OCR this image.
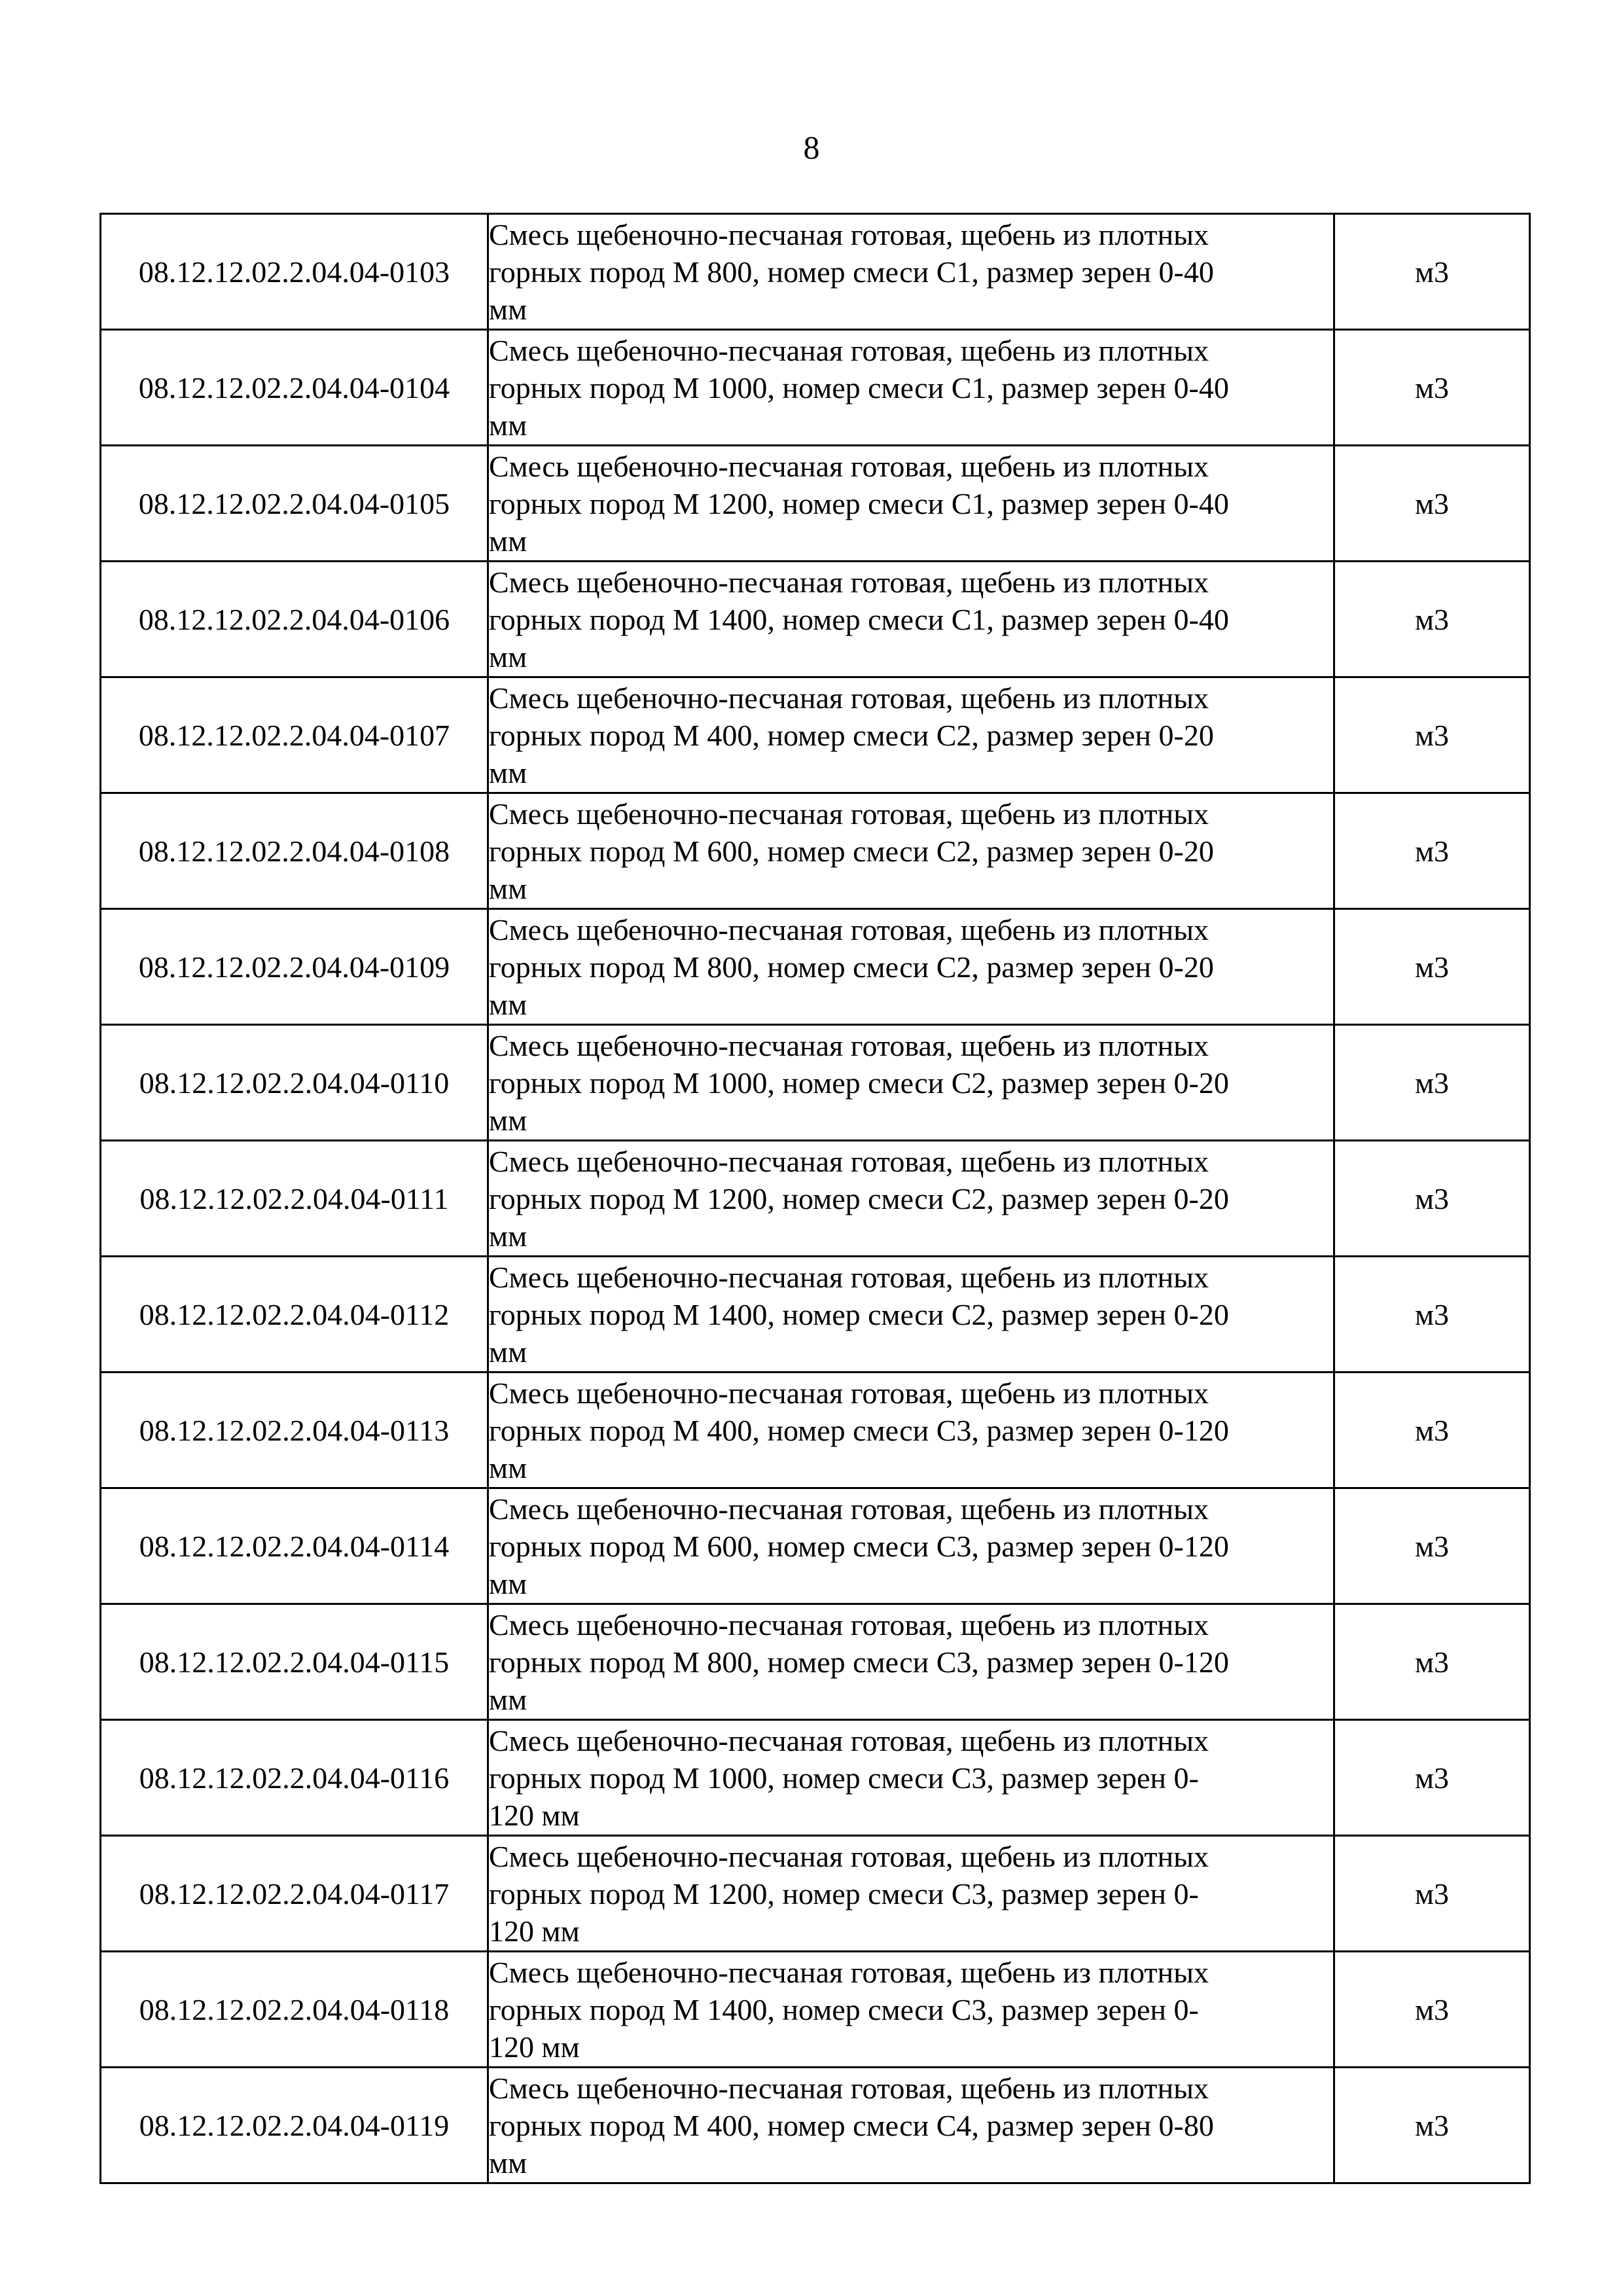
8
08.12.12.02.2.04.04-0103	Смесь щебеночно-песчаная готовая, щебень из плотных
горных пород М 800, номер смеси С1, размер зерен 0-40
мм	м3
08.12.12.02.2.04.04-0104	Смесь щебеночно-песчаная готовая, щебень из плотных
горных пород М 1000, номер смеси С1, размер зерен 0-40
мм	м3
08.12.12.02.2.04.04-0105	Смесь щебеночно-песчаная готовая, щебень из плотных
горных пород М 1200, номер смеси С1, размер зерен 0-40
мм	м3
08.12.12.02.2.04.04-0106	Смесь щебеночно-песчаная готовая, щебень из плотных
горных пород М 1400, номер смеси С1, размер зерен 0-40
мм	м3
08.12.12.02.2.04.04-0107	Смесь щебеночно-песчаная готовая, щебень из плотных
горных пород М 400, номер смеси С2, размер зерен 0-20
мм	м3
08.12.12.02.2.04.04-0108	Смесь щебеночно-песчаная готовая, щебень из плотных
горных пород М 600, номер смеси С2, размер зерен 0-20
мм	м3
08.12.12.02.2.04.04-0109	Смесь щебеночно-песчаная готовая, щебень из плотных
горных пород М 800, номер смеси С2, размер зерен 0-20
мм	м3
08.12.12.02.2.04.04-0110	Смесь щебеночно-песчаная готовая, щебень из плотных
горных пород М 1000, номер смеси С2, размер зерен 0-20
мм	м3
08.12.12.02.2.04.04-0111	Смесь щебеночно-песчаная готовая, щебень из плотных
горных пород М 1200, номер смеси С2, размер зерен 0-20
мм	м3
08.12.12.02.2.04.04-0112	Смесь щебеночно-песчаная готовая, щебень из плотных
горных пород М 1400, номер смеси С2, размер зерен 0-20
мм	м3
08.12.12.02.2.04.04-0113	Смесь щебеночно-песчаная готовая, щебень из плотных
горных пород М 400, номер смеси С3, размер зерен 0-120
мм	м3
08.12.12.02.2.04.04-0114	Смесь щебеночно-песчаная готовая, щебень из плотных
горных пород М 600, номер смеси С3, размер зерен 0-120
мм	м3
08.12.12.02.2.04.04-0115	Смесь щебеночно-песчаная готовая, щебень из плотных
горных пород М 800, номер смеси С3, размер зерен 0-120
мм	м3
08.12.12.02.2.04.04-0116	Смесь щебеночно-песчаная готовая, щебень из плотных
горных пород М 1000, номер смеси С3, размер зерен 0-
120 мм	м3
08.12.12.02.2.04.04-0117	Смесь щебеночно-песчаная готовая, щебень из плотных
горных пород М 1200, номер смеси С3, размер зерен 0-
120 мм	м3
08.12.12.02.2.04.04-0118	Смесь щебеночно-песчаная готовая, щебень из плотных
горных пород М 1400, номер смеси С3, размер зерен 0-
120 мм	м3
08.12.12.02.2.04.04-0119	Смесь щебеночно-песчаная готовая, щебень из плотных
горных пород М 400, номер смеси С4, размер зерен 0-80
мм	м3
